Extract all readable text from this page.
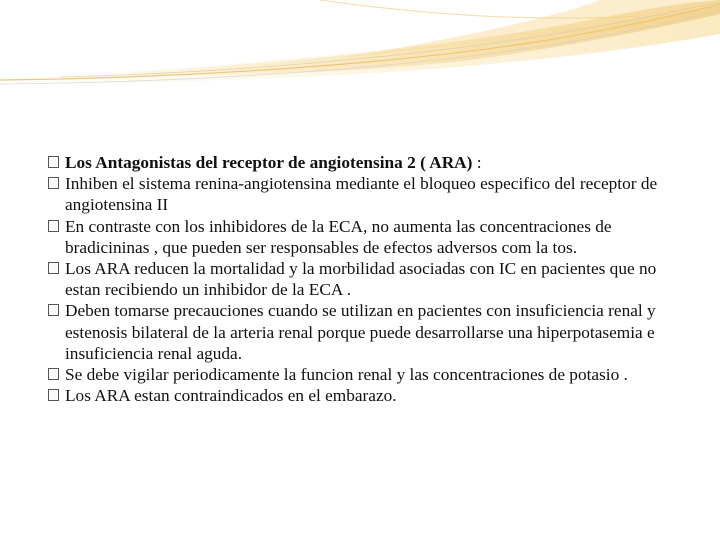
Los Antagonistas del receptor de angiotensina 2 ( ARA) :
Inhiben el sistema renina-angiotensina mediante el bloqueo especifico del receptor de angiotensina II
En contraste con los inhibidores de la ECA, no aumenta las concentraciones de bradicininas , que pueden ser responsables de efectos adversos com la tos.
Los ARA reducen la mortalidad y la morbilidad asociadas con IC en pacientes que no estan recibiendo un inhibidor de la ECA .
Deben tomarse precauciones cuando se utilizan en pacientes con insuficiencia renal y estenosis bilateral de la arteria renal porque puede desarrollarse una hiperpotasemia e insuficiencia renal aguda.
Se debe vigilar periodicamente la funcion renal y las concentraciones de potasio .
Los ARA estan contraindicados en el embarazo.
